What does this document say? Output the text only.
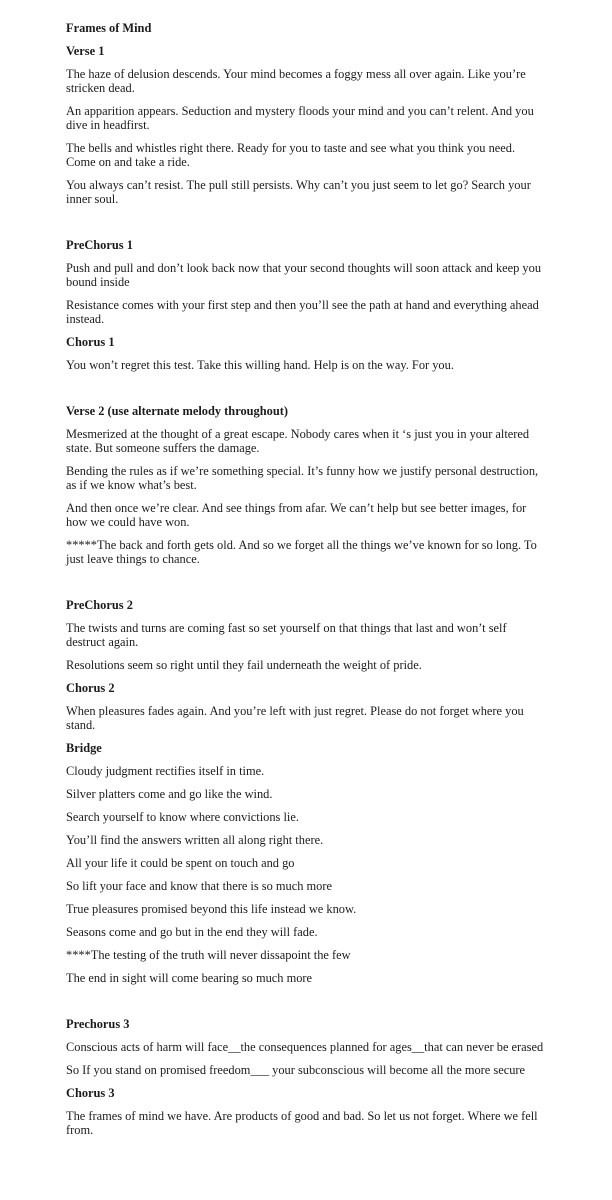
Frames of Mind
Verse 1

The haze of delusion descends. Your mind becomes a foggy mess all over again. Like you’re stricken dead.

An apparition appears. Seduction and mystery floods your mind and you can’t relent. And you dive in headfirst.

The bells and whistles right there. Ready for you to taste and see what you think you need. Come on and take a ride.

You always can’t resist. The pull still persists. Why can’t you just seem to let go? Search your inner soul.

PreChorus 1

Push and pull and don’t look back now that your second thoughts will soon attack and keep you bound inside

Resistance comes with your first step and then you’ll see the path at hand and everything ahead instead.

Chorus 1

You won’t regret this test. Take this willing hand. Help is on the way. For you.

Verse 2 (use alternate melody throughout)

Mesmerized at the thought of a great escape. Nobody cares when it ‘s just you in your altered state. But someone suffers the damage.

Bending the rules as if we’re something special. It’s funny how we justify personal destruction, as if we know what’s best.

And then once we’re clear. And see things from afar. We can’t help but see better images, for how we could have won.

*****The back and forth gets old. And so we forget all the things we’ve known for so long. To just leave things to chance.

PreChorus 2

The twists and turns are coming fast so set yourself on that things that last and won’t self destruct again.

Resolutions seem so right until they fail underneath the weight of pride.

Chorus 2

When pleasures fades again. And you’re left with just regret. Please do not forget where you stand.

Bridge

Cloudy judgment rectifies itself in time.

Silver platters come and go like the wind.

Search yourself to know where convictions lie.

You’ll find the answers written all along right there.

All your life it could be spent on touch and go

So lift your face and know that there is so much more

True pleasures promised beyond this life instead we know.

Seasons come and go but in the end they will fade.

****The testing of the truth will never dissapoint the few

The end in sight will come bearing so much more

Prechorus 3

Conscious acts of harm will face__the consequences planned for ages__that can never be erased

So If you stand on promised freedom___ your subconscious will become all the more secure

Chorus 3

The frames of mind we have. Are products of good and bad. So let us not forget. Where we fell from.
